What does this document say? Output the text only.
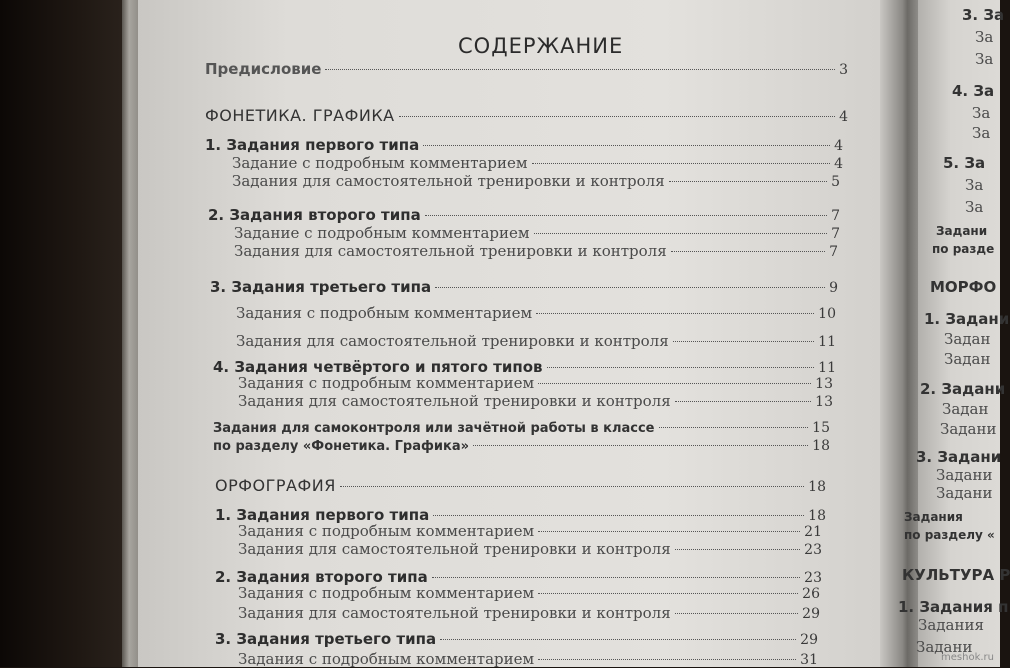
СОДЕРЖАНИЕ
Предисловие	3
ФОНЕТИКА. ГРАФИКА	4
1. Задания первого типа	4
Задание с подробным комментарием	4
Задания для самостоятельной тренировки и контроля	5
2. Задания второго типа	7
Задание с подробным комментарием	7
Задания для самостоятельной тренировки и контроля	7
3. Задания третьего типа	9
Задания с подробным комментарием	10
Задания для самостоятельной тренировки и контроля	11
4. Задания четвёртого и пятого типов	11
Задания с подробным комментарием	13
Задания для самостоятельной тренировки и контроля	13
Задания для самоконтроля или зачётной работы в классе	15
по разделу «Фонетика. Графика»	18
ОРФОГРАФИЯ	18
1. Задания первого типа	18
Задания с подробным комментарием	21
Задания для самостоятельной тренировки и контроля	23
2. Задания второго типа	23
Задания с подробным комментарием	26
Задания для самостоятельной тренировки и контроля	29
3. Задания третьего типа	29
Задания с подробным комментарием	31
3. За
За
За
4. За
За
За
5. За
За
За
Задани
по разде
МОРФО
1. Задани
Задан
Задан
2. Задани
Задан
Задани
3. Задани
Задани
Задани
Задания
по разделу «
КУЛЬТУРА Р
1. Задания п
Задания
Задани
meshok.ru
